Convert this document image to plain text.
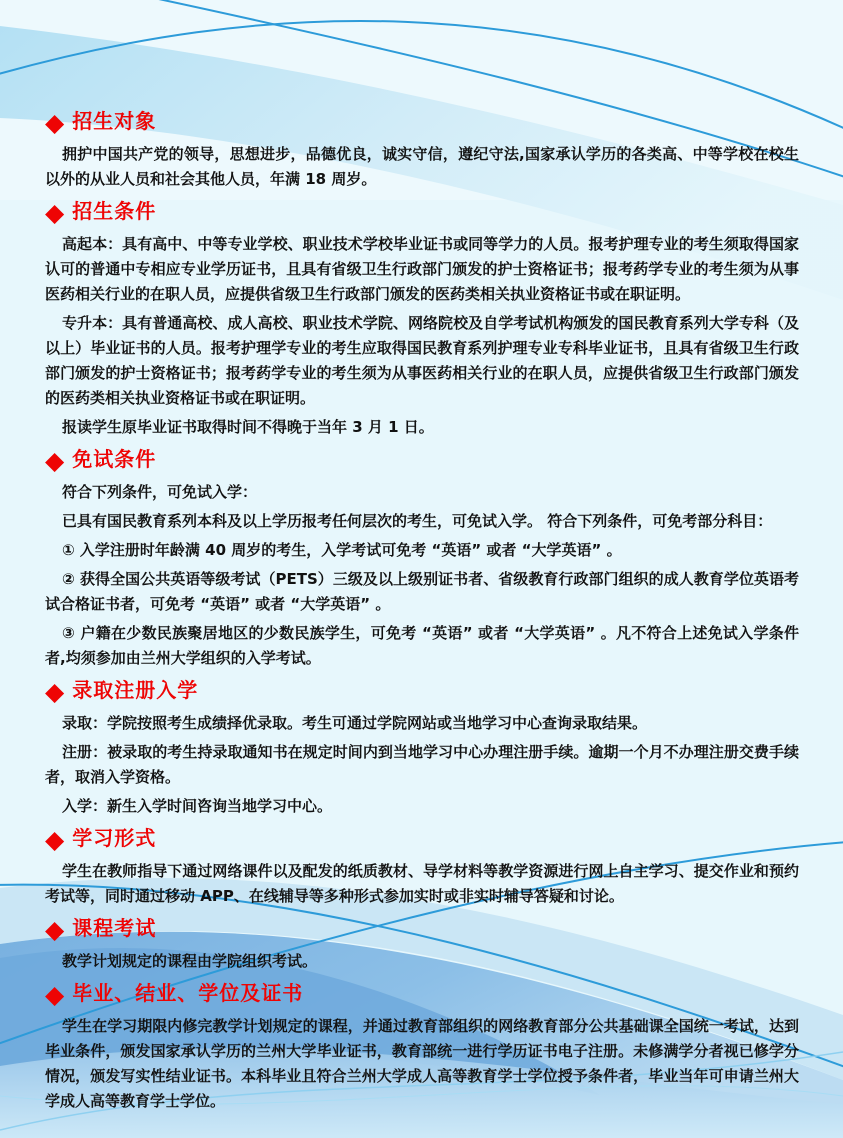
◆ 招生对象

拥护中国共产党的领导，思想进步，品德优良，诚实守信，遵纪守法,国家承认学历的各类高、中等学校在校生以外的从业人员和社会其他人员，年满 18 周岁。

◆ 招生条件

高起本：具有高中、中等专业学校、职业技术学校毕业证书或同等学力的人员。报考护理专业的考生须取得国家认可的普通中专相应专业学历证书，且具有省级卫生行政部门颁发的护士资格证书；报考药学专业的考生须为从事医药相关行业的在职人员，应提供省级卫生行政部门颁发的医药类相关执业资格证书或在职证明。

专升本：具有普通高校、成人高校、职业技术学院、网络院校及自学考试机构颁发的国民教育系列大学专科（及以上）毕业证书的人员。报考护理学专业的考生应取得国民教育系列护理专业专科毕业证书，且具有省级卫生行政部门颁发的护士资格证书；报考药学专业的考生须为从事医药相关行业的在职人员，应提供省级卫生行政部门颁发的医药类相关执业资格证书或在职证明。

报读学生原毕业证书取得时间不得晚于当年 3 月 1 日。

◆ 免试条件

符合下列条件，可免试入学：

已具有国民教育系列本科及以上学历报考任何层次的考生，可免试入学。 符合下列条件，可免考部分科目：

① 入学注册时年龄满 40 周岁的考生，入学考试可免考 “英语” 或者 “大学英语” 。

② 获得全国公共英语等级考试（PETS）三级及以上级别证书者、省级教育行政部门组织的成人教育学位英语考试合格证书者，可免考 “英语” 或者 “大学英语” 。

③ 户籍在少数民族聚居地区的少数民族学生，可免考 “英语” 或者 “大学英语” 。凡不符合上述免试入学条件者,均须参加由兰州大学组织的入学考试。

◆ 录取注册入学

录取：学院按照考生成绩择优录取。考生可通过学院网站或当地学习中心查询录取结果。

注册：被录取的考生持录取通知书在规定时间内到当地学习中心办理注册手续。逾期一个月不办理注册交费手续者，取消入学资格。

入学：新生入学时间咨询当地学习中心。

◆ 学习形式

学生在教师指导下通过网络课件以及配发的纸质教材、导学材料等教学资源进行网上自主学习、提交作业和预约考试等，同时通过移动 APP、在线辅导等多种形式参加实时或非实时辅导答疑和讨论。

◆ 课程考试

教学计划规定的课程由学院组织考试。

◆ 毕业、结业、学位及证书

学生在学习期限内修完教学计划规定的课程，并通过教育部组织的网络教育部分公共基础课全国统一考试，达到毕业条件，颁发国家承认学历的兰州大学毕业证书，教育部统一进行学历证书电子注册。未修满学分者视已修学分情况，颁发写实性结业证书。本科毕业且符合兰州大学成人高等教育学士学位授予条件者，毕业当年可申请兰州大学成人高等教育学士学位。
